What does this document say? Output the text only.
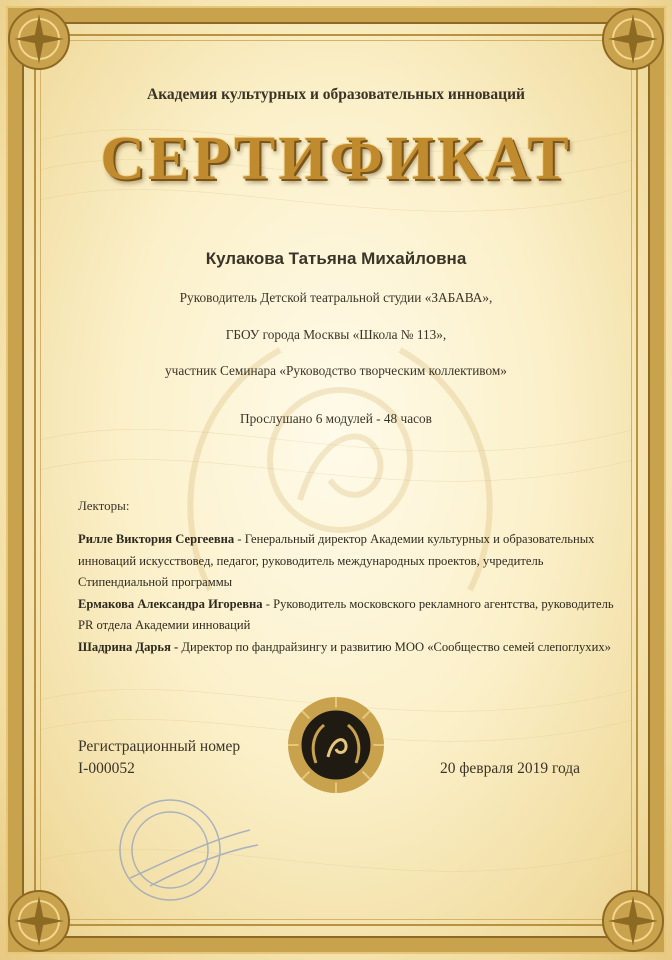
Академия культурных и образовательных инноваций
СЕРТИФИКАТ
Кулакова Татьяна Михайловна
Руководитель Детской театральной студии «ЗАБАВА»,
ГБОУ города Москвы «Школа № 113»,
участник Семинара «Руководство творческим коллективом»
Прослушано 6 модулей - 48 часов
Лекторы:
Рилле Виктория Сергеевна - Генеральный директор Академии культурных и образовательных инноваций искусствовед, педагог, руководитель международных проектов, учредитель Стипендиальной программы
Ермакова Александра Игоревна - Руководитель московского рекламного агентства, руководитель PR отдела Академии инноваций
Шадрина Дарья - Директор по фандрайзингу и развитию МОО «Сообщество семей слепоглухих»
Регистрационный номер
I-000052	20 февраля 2019 года
